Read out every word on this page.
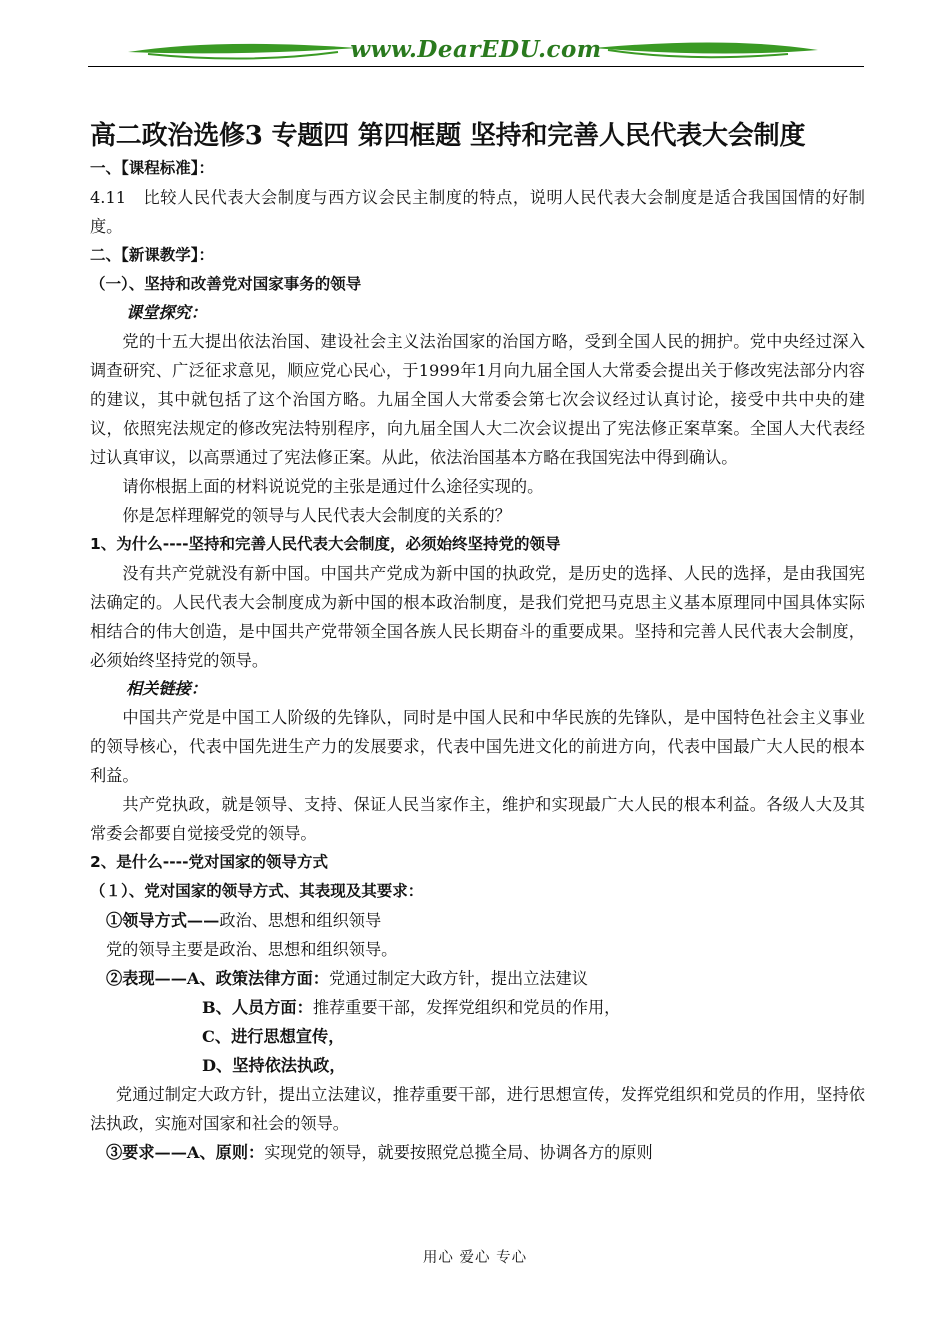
www.DearEDU.com
高二政治选修3 专题四 第四框题 坚持和完善人民代表大会制度
一、【课程标准】：

4.11　比较人民代表大会制度与西方议会民主制度的特点，说明人民代表大会制度是适合我国国情的好制度。

二、【新课教学】：
（一）、坚持和改善党对国家事务的领导
课堂探究：

党的十五大提出依法治国、建设社会主义法治国家的治国方略，受到全国人民的拥护。党中央经过深入调查研究、广泛征求意见，顺应党心民心，于1999年1月向九届全国人大常委会提出关于修改宪法部分内容的建议，其中就包括了这个治国方略。九届全国人大常委会第七次会议经过认真讨论，接受中共中央的建议，依照宪法规定的修改宪法特别程序，向九届全国人大二次会议提出了宪法修正案草案。全国人大代表经过认真审议，以高票通过了宪法修正案。从此，依法治国基本方略在我国宪法中得到确认。

请你根据上面的材料说说党的主张是通过什么途径实现的。

你是怎样理解党的领导与人民代表大会制度的关系的？

1、为什么----坚持和完善人民代表大会制度，必须始终坚持党的领导

没有共产党就没有新中国。中国共产党成为新中国的执政党，是历史的选择、人民的选择，是由我国宪法确定的。人民代表大会制度成为新中国的根本政治制度，是我们党把马克思主义基本原理同中国具体实际相结合的伟大创造，是中国共产党带领全国各族人民长期奋斗的重要成果。坚持和完善人民代表大会制度，必须始终坚持党的领导。

相关链接：

中国共产党是中国工人阶级的先锋队，同时是中国人民和中华民族的先锋队，是中国特色社会主义事业的领导核心，代表中国先进生产力的发展要求，代表中国先进文化的前进方向，代表中国最广大人民的根本利益。

共产党执政，就是领导、支持、保证人民当家作主，维护和实现最广大人民的根本利益。各级人大及其常委会都要自觉接受党的领导。

2、是什么----党对国家的领导方式
（１）、党对国家的领导方式、其表现及其要求：
①领导方式—— 政治、思想和组织领导
党的领导主要是政治、思想和组织领导。
②表现——A、政策法律方面： 党通过制定大政方针，提出立法建议
B、人员方面： 推荐重要干部，发挥党组织和党员的作用，
C、进行思想宣传，
D、坚持依法执政，

党通过制定大政方针，提出立法建议，推荐重要干部，进行思想宣传，发挥党组织和党员的作用，坚持依法执政，实施对国家和社会的领导。

③要求——A、原则： 实现党的领导，就要按照党总揽全局、协调各方的原则
用心 爱心 专心
